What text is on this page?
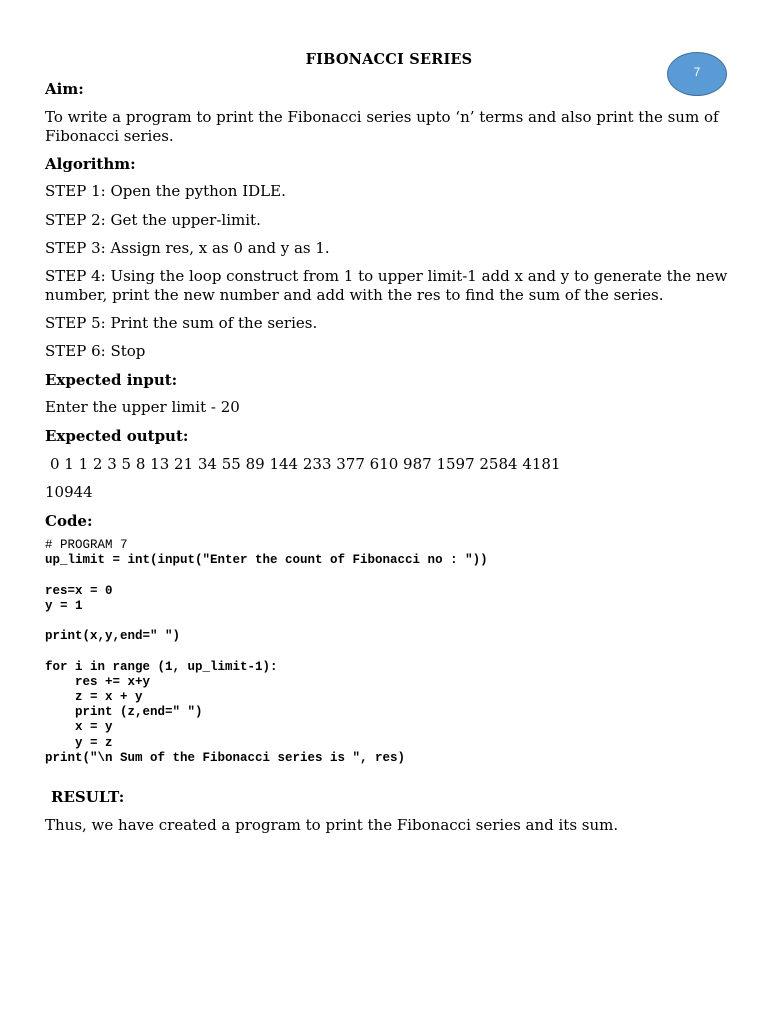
FIBONACCI SERIES
7
Aim:
To write a program to print the Fibonacci series upto ‘n’ terms and also print the sum of Fibonacci series.
Algorithm:
STEP 1: Open the python IDLE.
STEP 2: Get the upper-limit.
STEP 3: Assign res, x as 0 and y as 1.
STEP 4: Using the loop construct from 1 to upper limit-1 add x and y to generate the new number, print the new number and add with the res to find the sum of the series.
STEP 5: Print the sum of the series.
STEP 6: Stop
Expected input:
Enter the upper limit - 20
Expected output:
0 1 1 2 3 5 8 13 21 34 55 89 144 233 377 610 987 1597 2584 4181
10944
Code:
# PROGRAM 7
up_limit = int(input("Enter the count of Fibonacci no : "))

res=x = 0
y = 1

print(x,y,end=" ")

for i in range (1, up_limit-1):
res += x+y
z = x + y
print (z,end=" ")
x = y
y = z
print("\n Sum of the Fibonacci series is ", res)
RESULT:
Thus, we have created a program to print the Fibonacci series and its sum.
